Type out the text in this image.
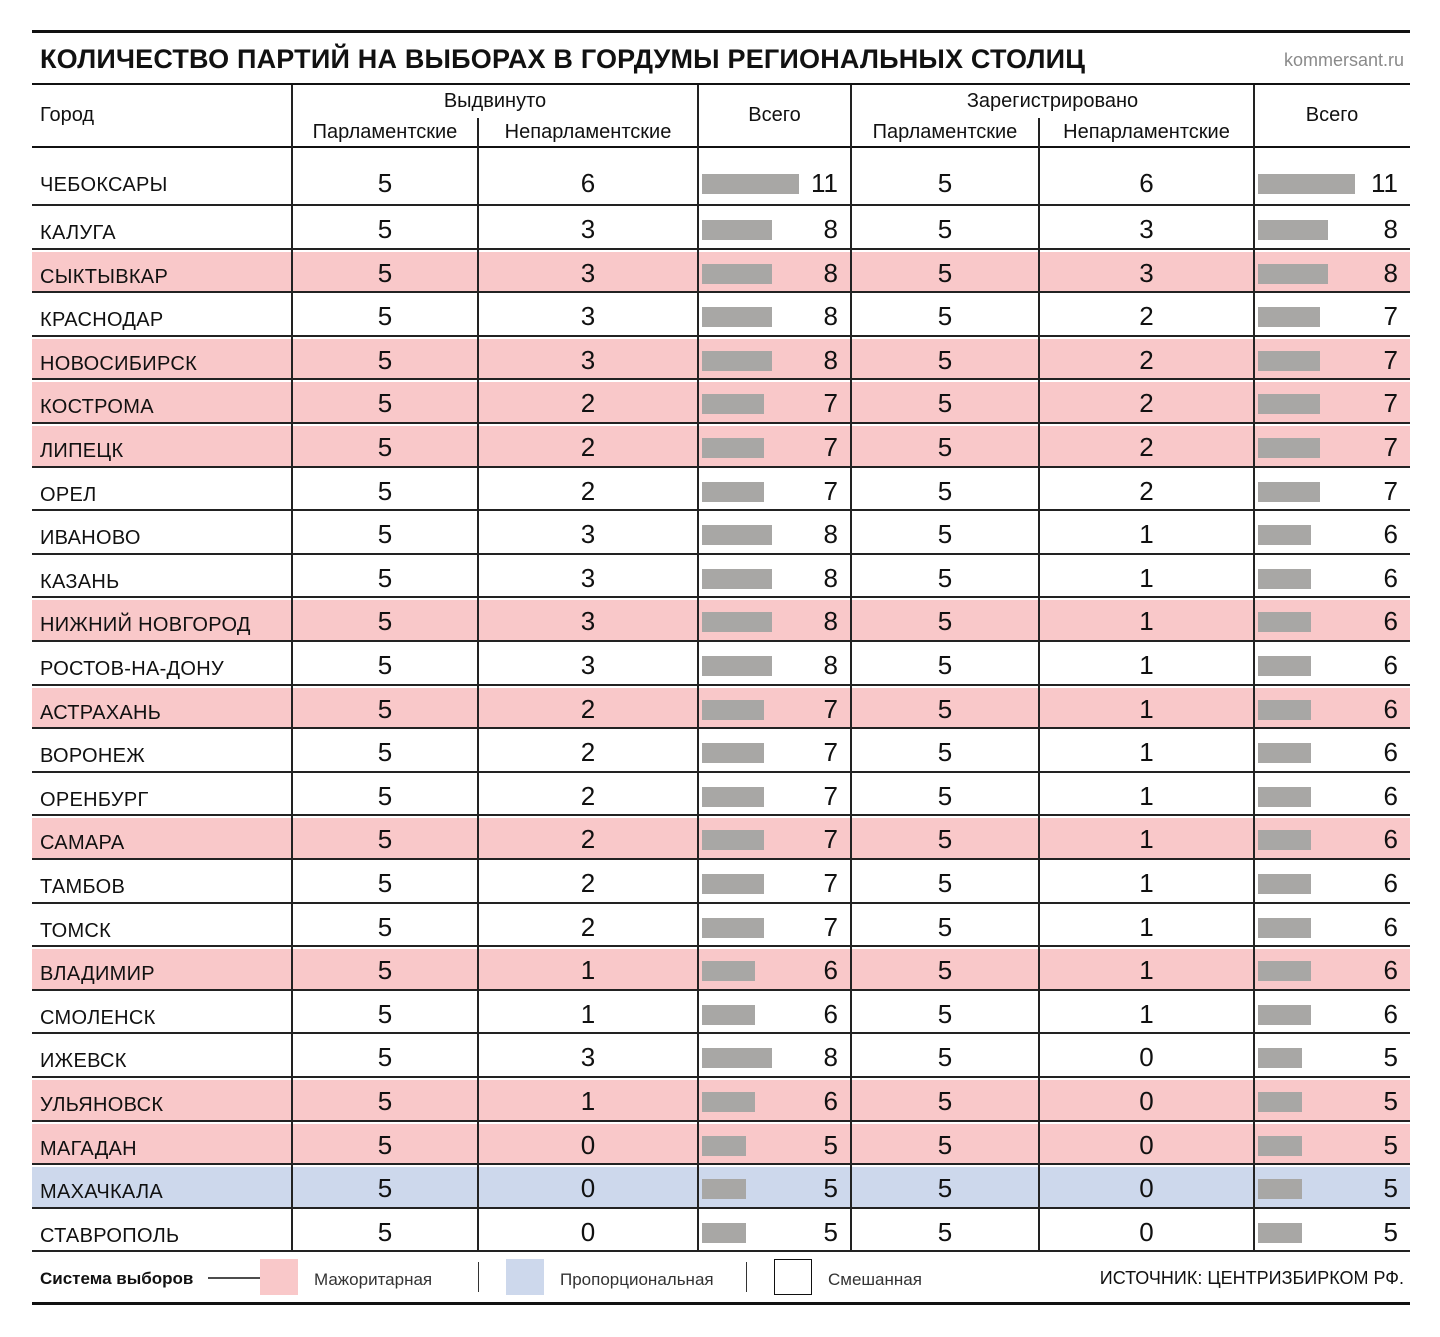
КОЛИЧЕСТВО ПАРТИЙ НА ВЫБОРАХ В ГОРДУМЫ РЕГИОНАЛЬНЫХ СТОЛИЦ	kommersant.ru
Город
Выдвинуто
Парламентские	Непарламентские
Всего
Зарегистрировано
Парламентские	Непарламентские
Всего
ЧЕБОКСАРЫ	5	6	11	5	6	11
КАЛУГА	5	3	8	5	3	8
СЫКТЫВКАР	5	3	8	5	3	8
КРАСНОДАР	5	3	8	5	2	7
НОВОСИБИРСК	5	3	8	5	2	7
КОСТРОМА	5	2	7	5	2	7
ЛИПЕЦК	5	2	7	5	2	7
ОРЕЛ	5	2	7	5	2	7
ИВАНОВО	5	3	8	5	1	6
КАЗАНЬ	5	3	8	5	1	6
НИЖНИЙ НОВГОРОД	5	3	8	5	1	6
РОСТОВ-НА-ДОНУ	5	3	8	5	1	6
АСТРАХАНЬ	5	2	7	5	1	6
ВОРОНЕЖ	5	2	7	5	1	6
ОРЕНБУРГ	5	2	7	5	1	6
САМАРА	5	2	7	5	1	6
ТАМБОВ	5	2	7	5	1	6
ТОМСК	5	2	7	5	1	6
ВЛАДИМИР	5	1	6	5	1	6
СМОЛЕНСК	5	1	6	5	1	6
ИЖЕВСК	5	3	8	5	0	5
УЛЬЯНОВСК	5	1	6	5	0	5
МАГАДАН	5	0	5	5	0	5
МАХАЧКАЛА	5	0	5	5	0	5
СТАВРОПОЛЬ	5	0	5	5	0	5
Система выборов	Мажоритарная	Пропорциональная	Смешанная	ИСТОЧНИК: ЦЕНТРИЗБИРКОМ РФ.
